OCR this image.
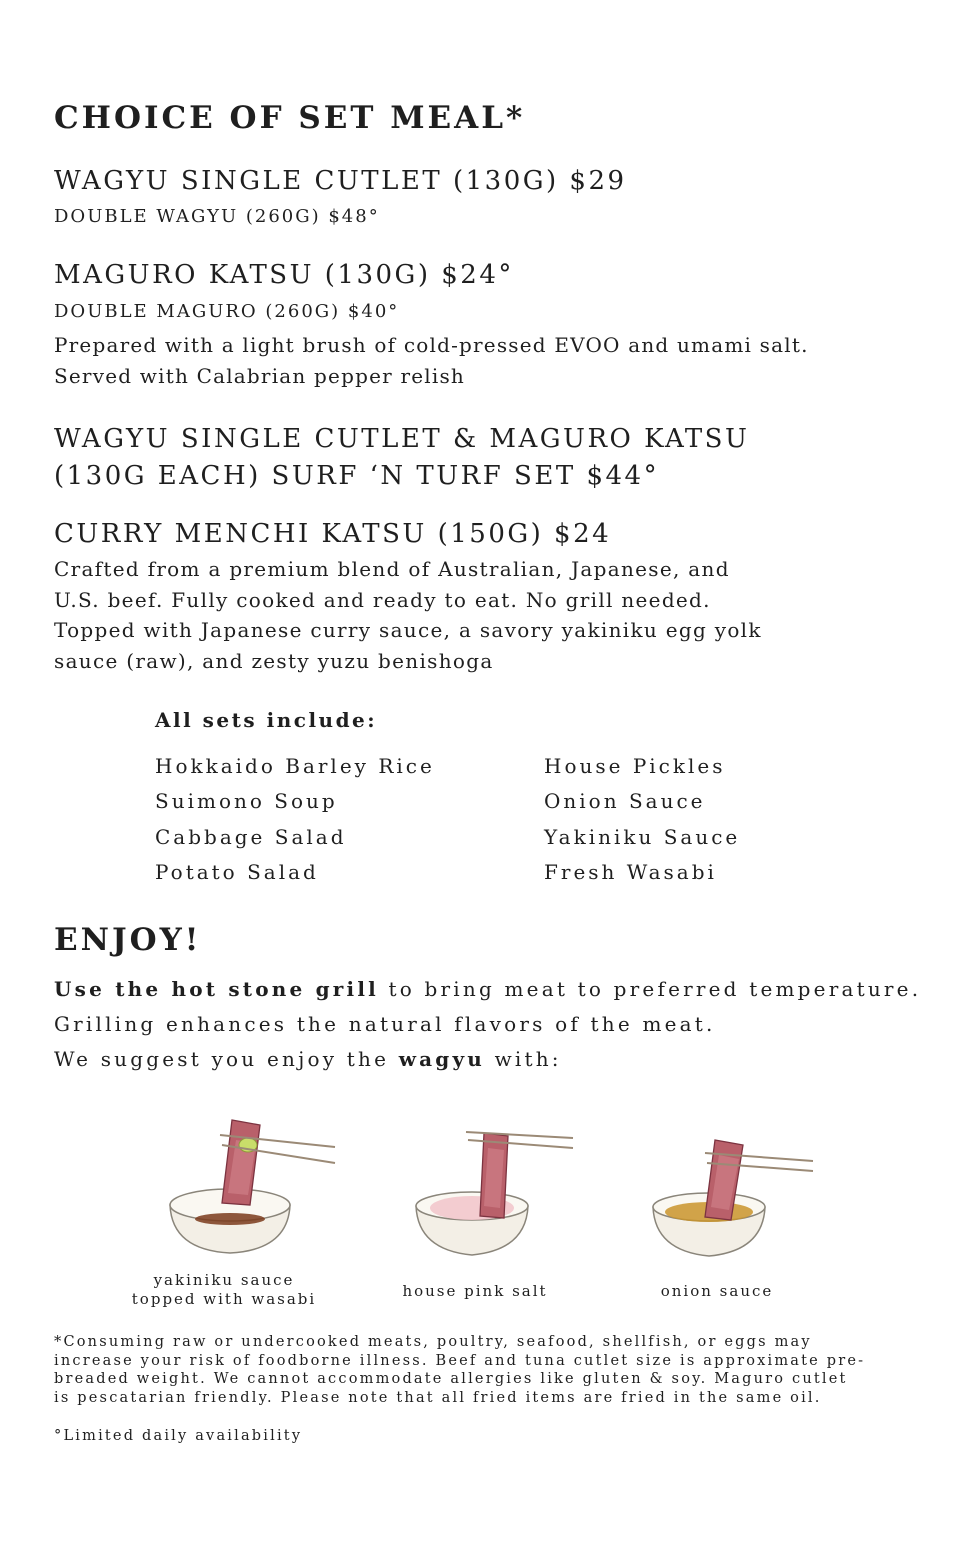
CHOICE OF SET MEAL*
WAGYU SINGLE CUTLET (130G) $29
DOUBLE WAGYU (260G) $48°
MAGURO KATSU (130G) $24°
DOUBLE MAGURO (260G) $40°
Prepared with a light brush of cold-pressed EVOO and umami salt.
Served with Calabrian pepper relish
WAGYU SINGLE CUTLET & MAGURO KATSU
(130G EACH) SURF ‘N TURF SET $44°
CURRY MENCHI KATSU (150G) $24
Crafted from a premium blend of Australian, Japanese, and
U.S. beef. Fully cooked and ready to eat. No grill needed.
Topped with Japanese curry sauce, a savory yakiniku egg yolk
sauce (raw), and zesty yuzu benishoga
All sets include:
Hokkaido Barley Rice
Suimono Soup
Cabbage Salad
Potato Salad
House Pickles
Onion Sauce
Yakiniku Sauce
Fresh Wasabi
ENJOY!
Use the hot stone grill to bring meat to preferred temperature.
Grilling enhances the natural flavors of the meat.
We suggest you enjoy the wagyu with:
yakiniku sauce
topped with wasabi	house pink salt	onion sauce
*Consuming raw or undercooked meats, poultry, seafood, shellfish, or eggs may
increase your risk of foodborne illness. Beef and tuna cutlet size is approximate pre-
breaded weight. We cannot accommodate allergies like gluten & soy. Maguro cutlet
is pescatarian friendly. Please note that all fried items are fried in the same oil.
°Limited daily availability
